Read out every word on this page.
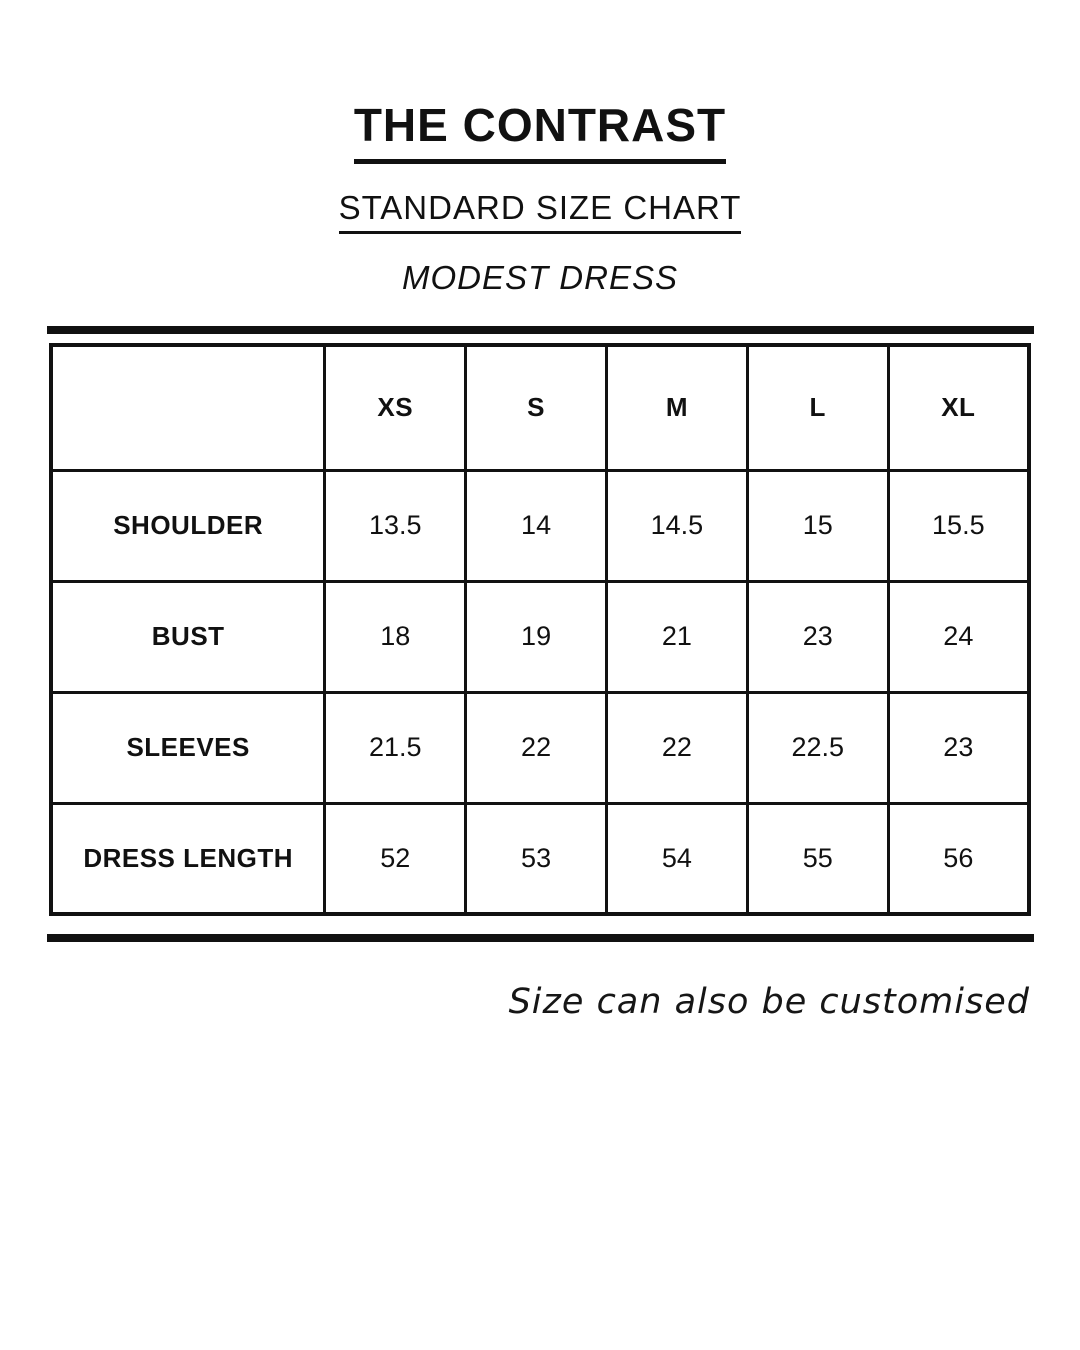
THE CONTRAST
STANDARD SIZE CHART
MODEST DRESS
	XS	S	M	L	XL
SHOULDER	13.5	14	14.5	15	15.5
BUST	18	19	21	23	24
SLEEVES	21.5	22	22	22.5	23
DRESS LENGTH	52	53	54	55	56
Size can also be customised
